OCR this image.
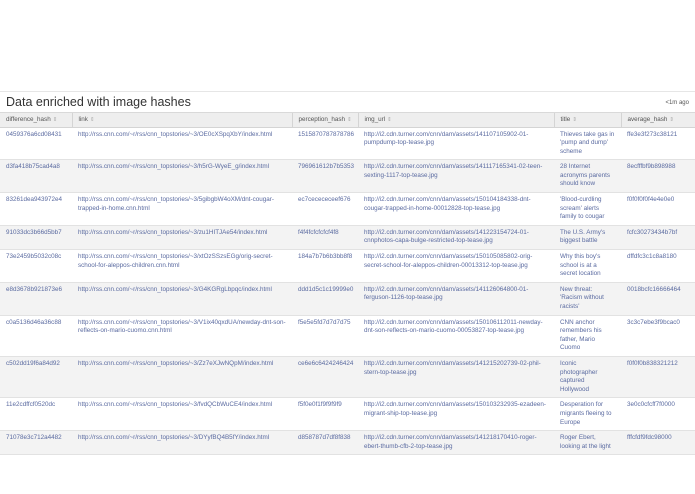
Data enriched with image hashes	<1m ago
difference_hash ⇕	link ⇕	perception_hash ⇕	img_url ⇕	title ⇕	average_hash ⇕
0459376a6cd08431	http://rss.cnn.com/~r/rss/cnn_topstories/~3/OE0cXSpqXbY/index.html	1515870787878786	http://i2.cdn.turner.com/cnn/dam/assets/141107105902-01-pumpdump-top-tease.jpg	Thieves take gas in 'pump and dump' scheme	ffe3e3f273c38121
d3fa418b75cad4a8	http://rss.cnn.com/~r/rss/cnn_topstories/~3/h5rG-WyeE_g/index.html	796961612b7b5353	http://i2.cdn.turner.com/cnn/dam/assets/141117165341-02-teen-sexting-1117-top-tease.jpg	28 Internet acronyms parents should know	8ecfffbf9b898988
83261dea943972e4	http://rss.cnn.com/~r/rss/cnn_topstories/~3/5gibgbW4oXM/dnt-cougar-trapped-in-home.cnn.html	ec7cecececeef676	http://i2.cdn.turner.com/cnn/dam/assets/150104184338-dnt-cougar-trapped-in-home-00012828-top-tease.jpg	'Blood-curdling scream' alerts family to cougar	f0f0f0f0f4e4e0e0
91033dc3b66d5bb7	http://rss.cnn.com/~r/rss/cnn_topstories/~3/zu1HITJAe54/index.html	f4f4fcfcfcfcf4f8	http://i2.cdn.turner.com/cnn/dam/assets/141223154724-01-cnnphotos-capa-bulge-restricted-top-tease.jpg	The U.S. Army's biggest battle	fcfc30273434b7bf
73e2459b5032c08c	http://rss.cnn.com/~r/rss/cnn_topstories/~3/xtOzSSzsEGg/orig-secret-school-for-aleppos-children.cnn.html	184a7b7b6b3bb8f8	http://i2.cdn.turner.com/cnn/dam/assets/150105085802-orig-secret-school-for-aleppos-children-00013312-top-tease.jpg	Why this boy's school is at a secret location	dffdfc3c1c8a8180
e8d3678b921873e6	http://rss.cnn.com/~r/rss/cnn_topstories/~3/G4KGRgLbpqc/index.html	ddd1d5c1c19999e0	http://i2.cdn.turner.com/cnn/dam/assets/141126064800-01-ferguson-1126-top-tease.jpg	New threat: 'Racism without racists'	0018bcfc16666464
c0a5136d46a36c88	http://rss.cnn.com/~r/rss/cnn_topstories/~3/V1ix40qxdUA/newday-dnt-son-reflects-on-mario-cuomo.cnn.html	f5e5e5fd7d7d7d75	http://i2.cdn.turner.com/cnn/dam/assets/150106112011-newday-dnt-son-reflects-on-mario-cuomo-00053827-top-tease.jpg	CNN anchor remembers his father, Mario Cuomo	3c3c7ebe3f9bcac0
c502dd19f6a84d92	http://rss.cnn.com/~r/rss/cnn_topstories/~3/Zz7eXJwNQpM/index.html	ce6e6c6424246424	http://i2.cdn.turner.com/cnn/dam/assets/141215202739-02-phil-stern-top-tease.jpg	Iconic photographer captured Hollywood	f0f0f0b838321212
11e2cdffcf0520dc	http://rss.cnn.com/~r/rss/cnn_topstories/~3/fvdQCbWuCE4/index.html	f5f0e0f1f9f9f9f9	http://i2.cdn.turner.com/cnn/dam/assets/150103232935-ezadeen-migrant-ship-top-tease.jpg	Desperation for migrants fleeing to Europe	3e0c0cfcff7f0000
71078e3c712a4482	http://rss.cnn.com/~r/rss/cnn_topstories/~3/DYyfBQ4B5fY/index.html	d858787d7df8f838	http://i2.cdn.turner.com/cnn/dam/assets/141218170410-roger-ebert-thumb-cfb-2-top-tease.jpg	Roger Ebert, looking at the light	fffcfdf9fdc98000
